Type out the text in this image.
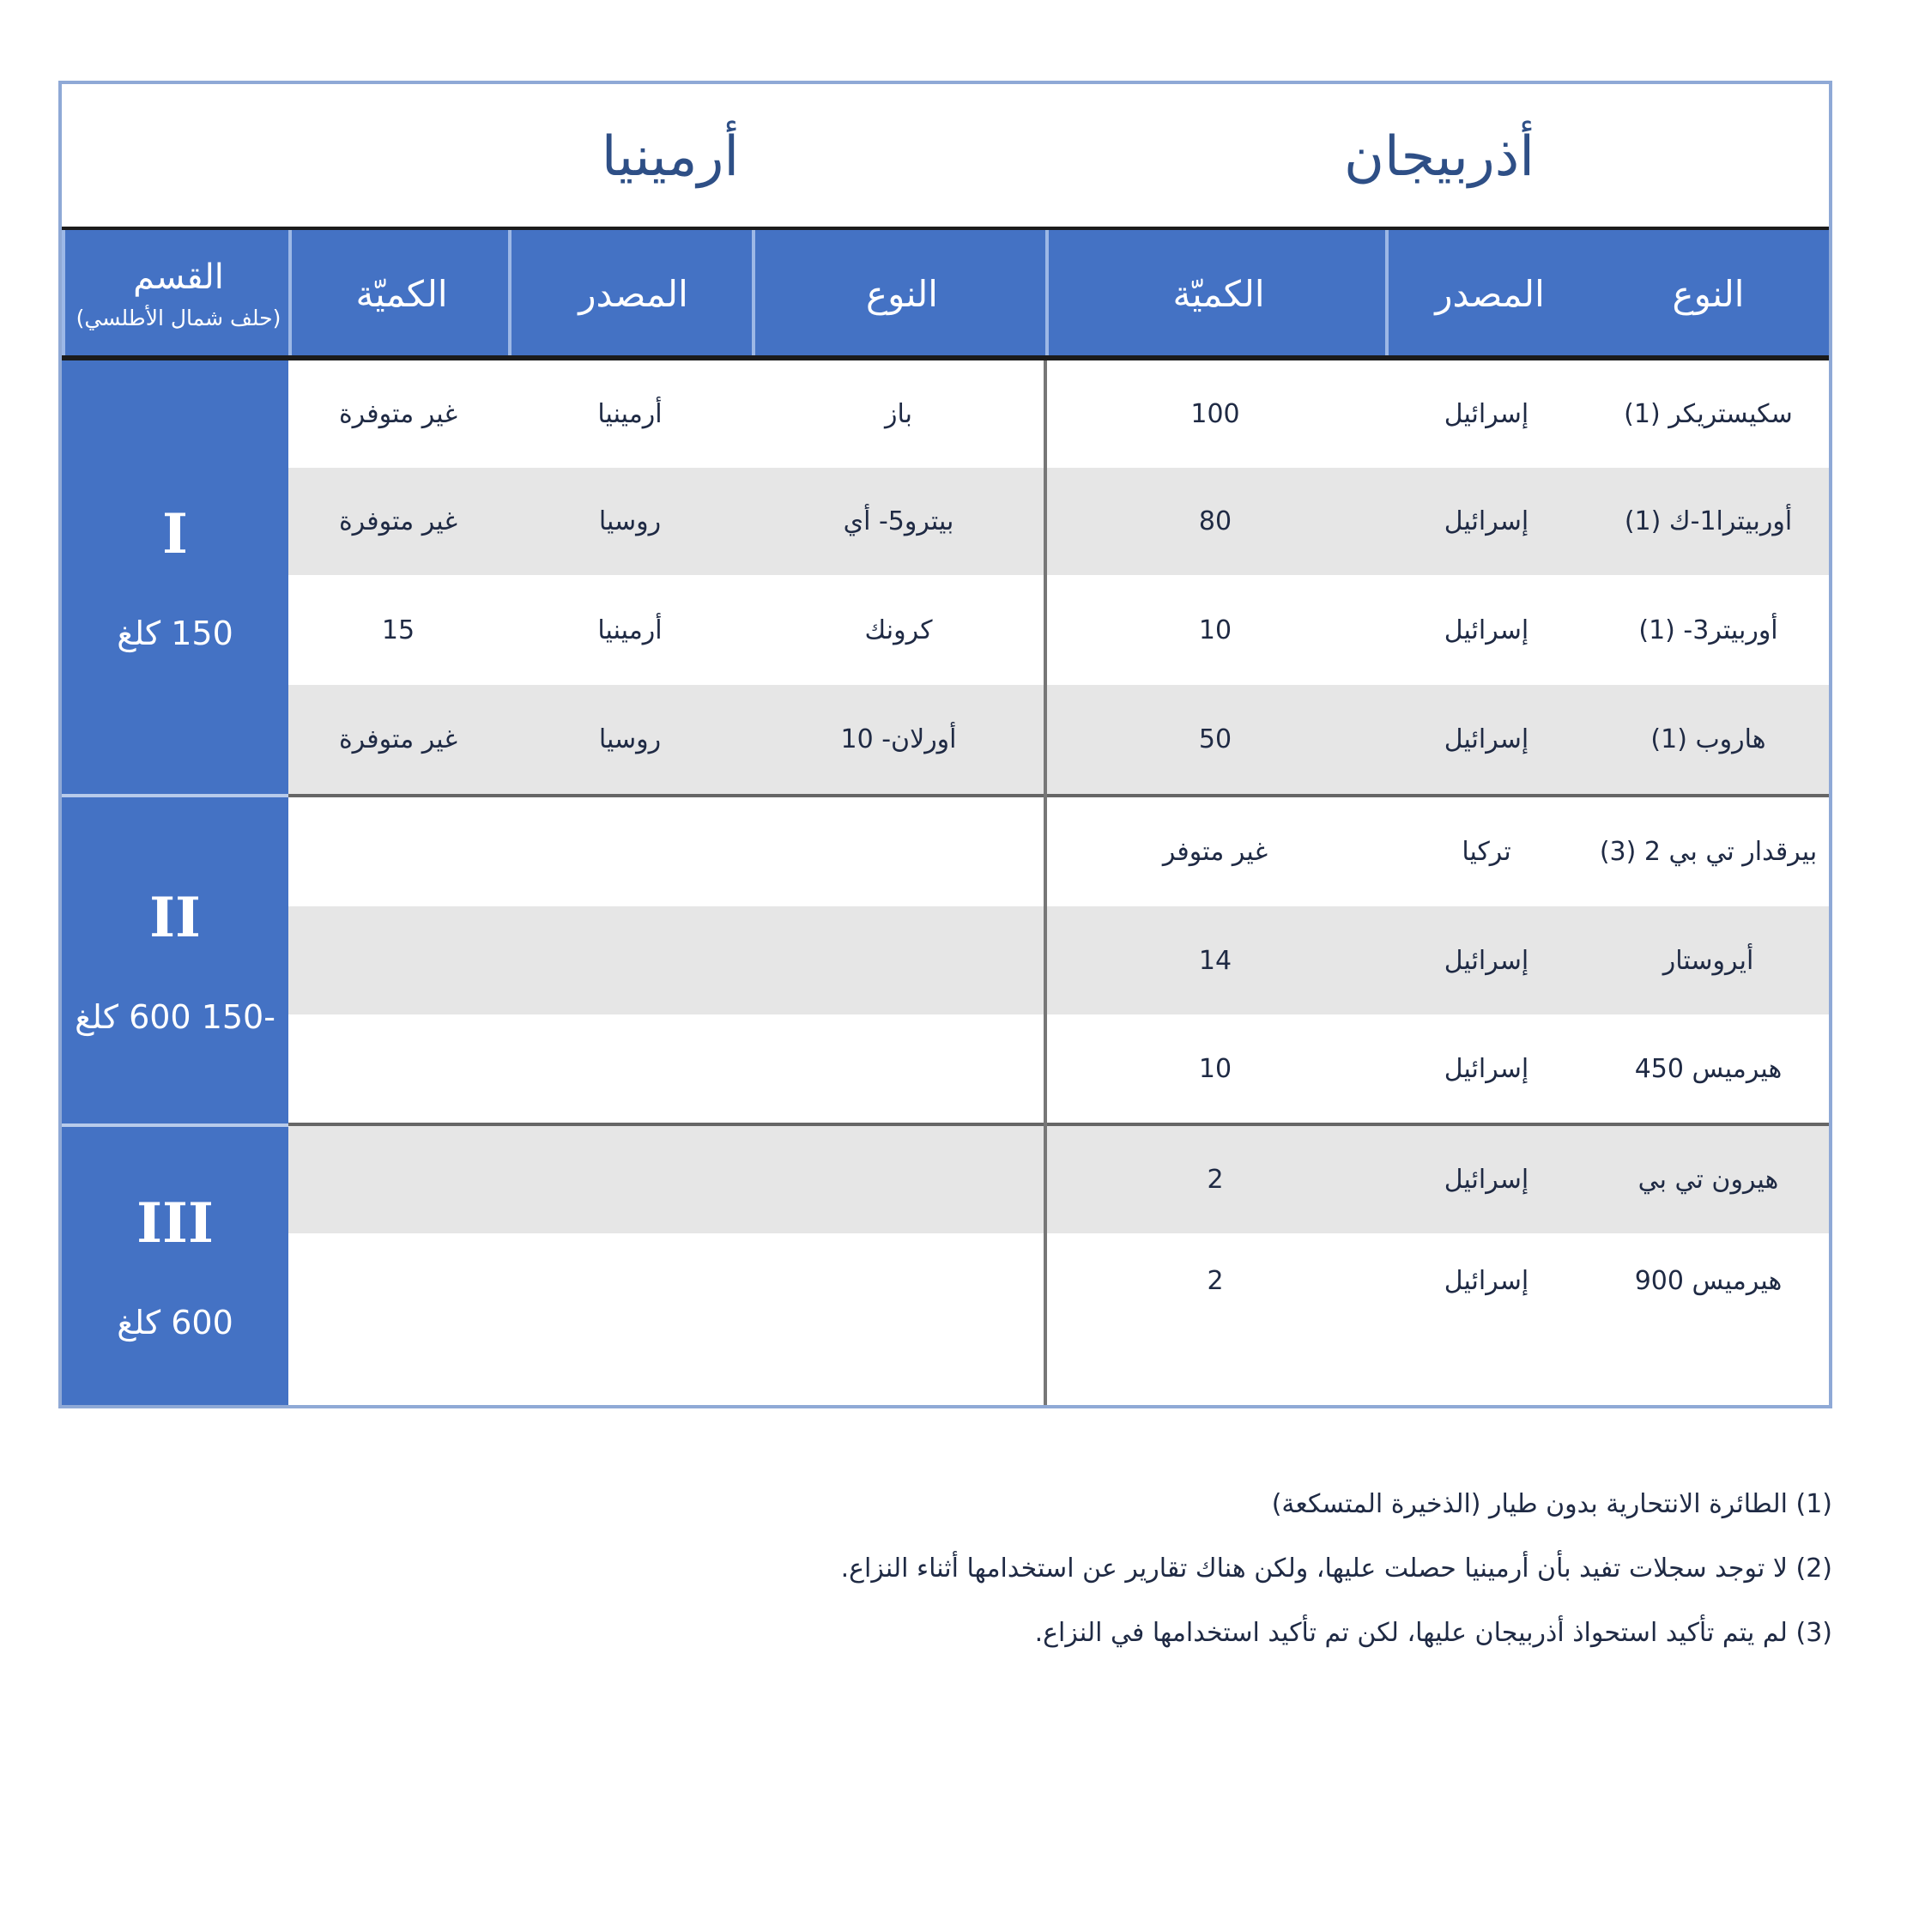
أذربيجان
أرمينيا
النوع
المصدر
الكميّة
النوع
المصدر
الكميّة
القسم
(حلف شمال الأطلسي)
I
150 كلغ
II
-150 600 كلغ
III
600 كلغ
سكيستريكر (1)
إسرائيل
100
أوربيترا1-ك (1)
إسرائيل
80
أوربيتر3- (1)
إسرائيل
10
هاروب (1)
إسرائيل
50
بيرقدار تي بي 2 (3)
تركيا
غير متوفر
أيروستار
إسرائيل
14
هيرميس 450
إسرائيل
10
هيرون تي بي
إسرائيل
2
هيرميس 900
إسرائيل
2
باز
أرمينيا
غير متوفرة
بيترو5- أي
روسيا
غير متوفرة
كرونك
أرمينيا
15
أورلان- 10
روسيا
غير متوفرة
(1) الطائرة الانتحارية بدون طيار (الذخيرة المتسكعة)
(2) لا توجد سجلات تفيد بأن أرمينيا حصلت عليها، ولكن هناك تقارير عن استخدامها أثناء النزاع.
(3) لم يتم تأكيد استحواذ أذربيجان عليها، لكن تم تأكيد استخدامها في النزاع.
